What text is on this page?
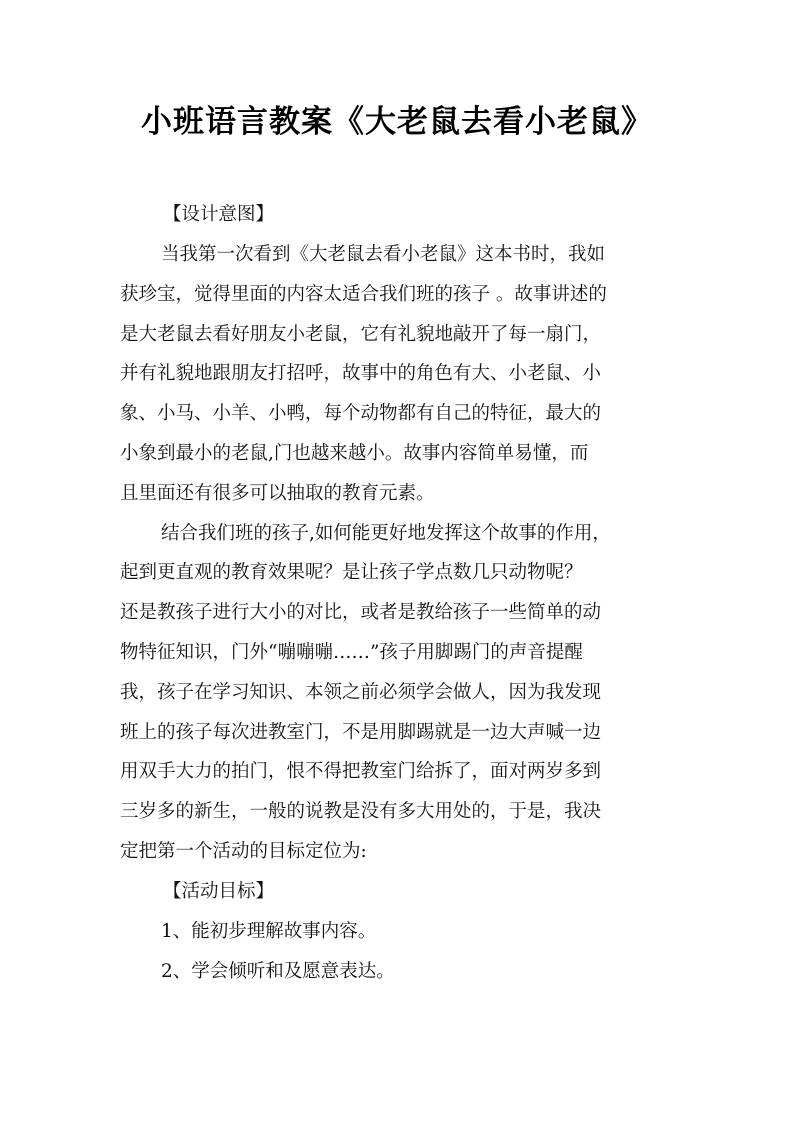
小班语言教案《大老鼠去看小老鼠》
【设计意图】
当我第一次看到《大老鼠去看小老鼠》这本书时，我如
获珍宝，觉得里面的内容太适合我们班的孩子 。故事讲述的
是大老鼠去看好朋友小老鼠，它有礼貌地敲开了每一扇门，
并有礼貌地跟朋友打招呼，故事中的角色有大、小老鼠、小
象、小马、小羊、小鸭，每个动物都有自己的特征，最大的
小象到最小的老鼠,门也越来越小。故事内容简单易懂，而
且里面还有很多可以抽取的教育元素。
结合我们班的孩子,如何能更好地发挥这个故事的作用，
起到更直观的教育效果呢？是让孩子学点数几只动物呢？
还是教孩子进行大小的对比，或者是教给孩子一些简单的动
物特征知识，门外“嘣嘣嘣……”孩子用脚踢门的声音提醒
我，孩子在学习知识、本领之前必须学会做人，因为我发现
班上的孩子每次进教室门，不是用脚踢就是一边大声喊一边
用双手大力的拍门，恨不得把教室门给拆了，面对两岁多到
三岁多的新生，一般的说教是没有多大用处的，于是，我决
定把第一个活动的目标定位为:
【活动目标】
1、能初步理解故事内容。
2、学会倾听和及愿意表达。
